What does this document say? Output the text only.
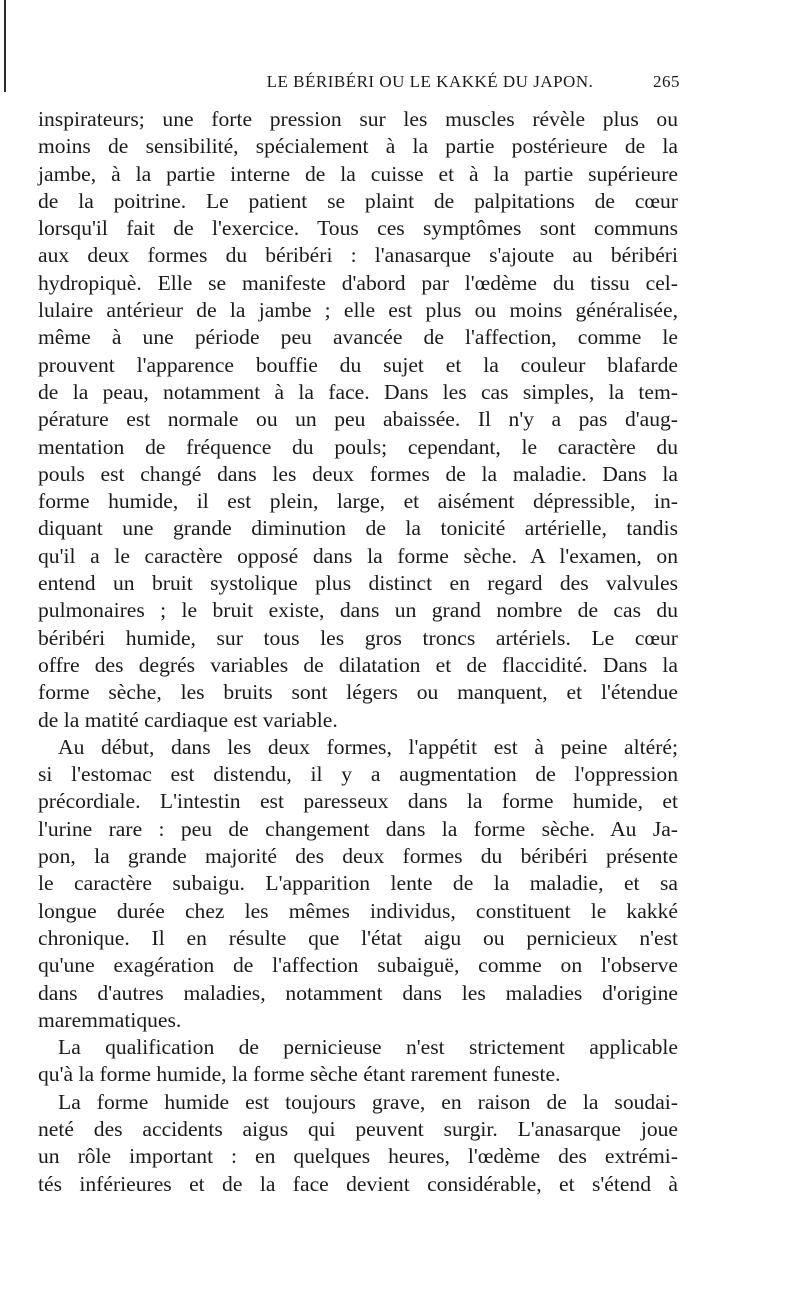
LE BÉRIBÉRI OU LE KAKKÉ DU JAPON.	265
inspirateurs; une forte pression sur les muscles révèle plus ou
moins de sensibilité, spécialement à la partie postérieure de la
jambe, à la partie interne de la cuisse et à la partie supérieure
de la poitrine. Le patient se plaint de palpitations de cœur
lorsqu'il fait de l'exercice. Tous ces symptômes sont communs
aux deux formes du béribéri : l'anasarque s'ajoute au béribéri
hydropiquè. Elle se manifeste d'abord par l'œdème du tissu cel-
lulaire antérieur de la jambe ; elle est plus ou moins généralisée,
même à une période peu avancée de l'affection, comme le
prouvent l'apparence bouffie du sujet et la couleur blafarde
de la peau, notamment à la face. Dans les cas simples, la tem-
pérature est normale ou un peu abaissée. Il n'y a pas d'aug-
mentation de fréquence du pouls; cependant, le caractère du
pouls est changé dans les deux formes de la maladie. Dans la
forme humide, il est plein, large, et aisément dépressible, in-
diquant une grande diminution de la tonicité artérielle, tandis
qu'il a le caractère opposé dans la forme sèche. A l'examen, on
entend un bruit systolique plus distinct en regard des valvules
pulmonaires ; le bruit existe, dans un grand nombre de cas du
béribéri humide, sur tous les gros troncs artériels. Le cœur
offre des degrés variables de dilatation et de flaccidité. Dans la
forme sèche, les bruits sont légers ou manquent, et l'étendue
de la matité cardiaque est variable.
Au début, dans les deux formes, l'appétit est à peine altéré;
si l'estomac est distendu, il y a augmentation de l'oppression
précordiale. L'intestin est paresseux dans la forme humide, et
l'urine rare : peu de changement dans la forme sèche. Au Ja-
pon, la grande majorité des deux formes du béribéri présente
le caractère subaigu. L'apparition lente de la maladie, et sa
longue durée chez les mêmes individus, constituent le kakké
chronique. Il en résulte que l'état aigu ou pernicieux n'est
qu'une exagération de l'affection subaiguë, comme on l'observe
dans d'autres maladies, notamment dans les maladies d'origine
maremmatiques.
La qualification de pernicieuse n'est strictement applicable
qu'à la forme humide, la forme sèche étant rarement funeste.
La forme humide est toujours grave, en raison de la soudai-
neté des accidents aigus qui peuvent surgir. L'anasarque joue
un rôle important : en quelques heures, l'œdème des extrémi-
tés inférieures et de la face devient considérable, et s'étend à
